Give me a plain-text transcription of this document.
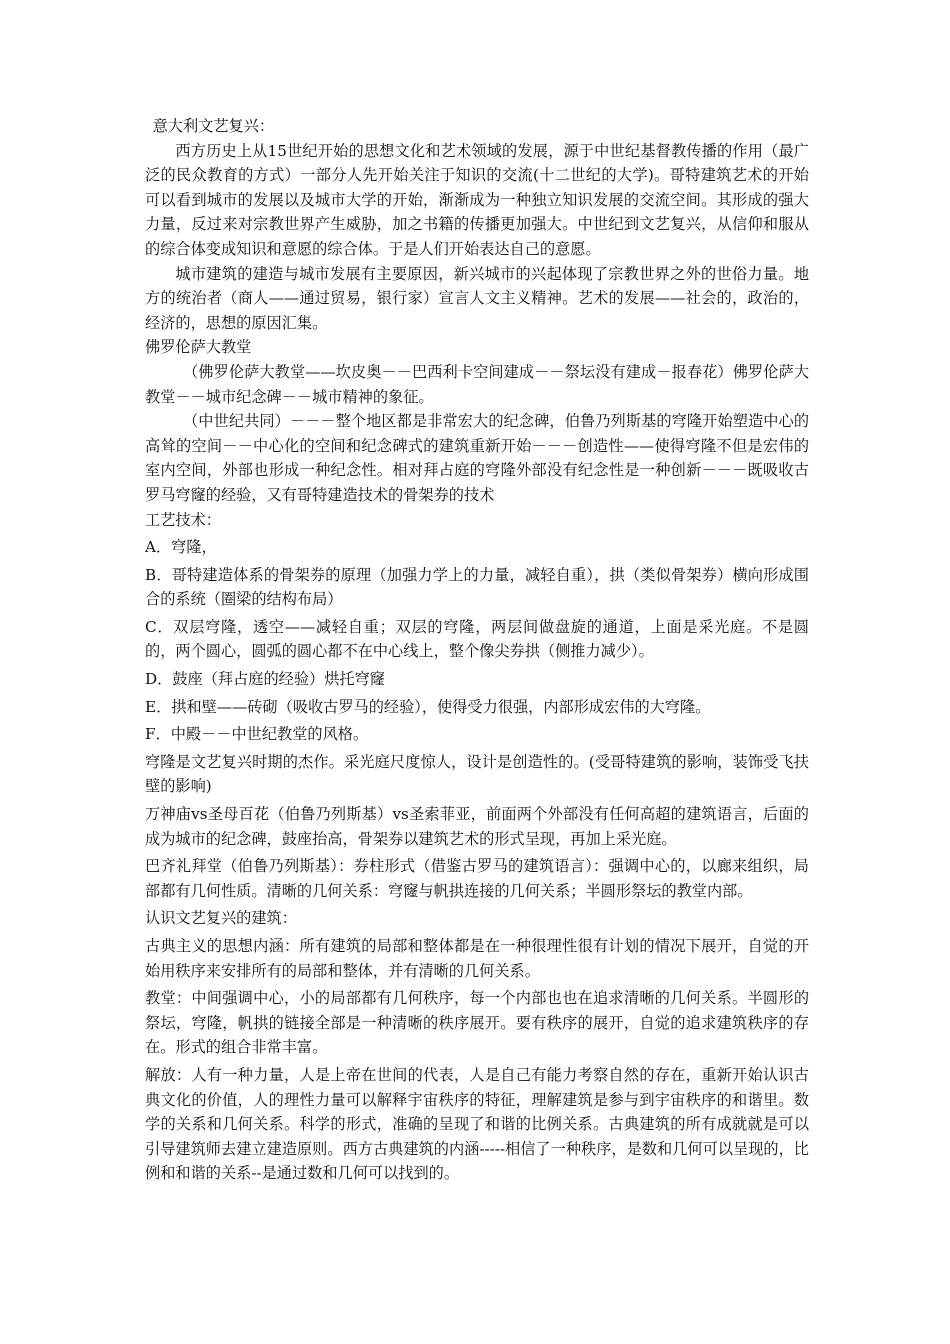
意大利文艺复兴：

西方历史上从15世纪开始的思想文化和艺术领域的发展，源于中世纪基督教传播的作用（最广泛的民众教育的方式）一部分人先开始关注于知识的交流(十二世纪的大学)。哥特建筑艺术的开始可以看到城市的发展以及城市大学的开始，渐渐成为一种独立知识发展的交流空间。其形成的强大力量，反过来对宗教世界产生威胁，加之书籍的传播更加强大。中世纪到文艺复兴，从信仰和服从的综合体变成知识和意愿的综合体。于是人们开始表达自己的意愿。

城市建筑的建造与城市发展有主要原因，新兴城市的兴起体现了宗教世界之外的世俗力量。地方的统治者（商人——通过贸易，银行家）宣言人文主义精神。艺术的发展——社会的，政治的，经济的，思想的原因汇集。

佛罗伦萨大教堂

（佛罗伦萨大教堂——坎皮奥－－巴西利卡空间建成－－祭坛没有建成－报春花）佛罗伦萨大教堂－－城市纪念碑－－城市精神的象征。

（中世纪共同）－－－整个地区都是非常宏大的纪念碑，伯鲁乃列斯基的穹隆开始塑造中心的高耸的空间－－中心化的空间和纪念碑式的建筑重新开始－－－创造性——使得穹隆不但是宏伟的室内空间，外部也形成一种纪念性。相对拜占庭的穹隆外部没有纪念性是一种创新－－－既吸收古罗马穹窿的经验，又有哥特建造技术的骨架券的技术

工艺技术：

A．穹隆，

B．哥特建造体系的骨架券的原理（加强力学上的力量，减轻自重），拱（类似骨架券）横向形成围合的系统（圈梁的结构布局）

C．双层穹隆，透空——减轻自重；双层的穹隆，两层间做盘旋的通道，上面是采光庭。不是圆的，两个圆心，圆弧的圆心都不在中心线上，整个像尖券拱（侧推力减少）。

D．鼓座（拜占庭的经验）烘托穹窿

E．拱和壁——砖砌（吸收古罗马的经验），使得受力很强，内部形成宏伟的大穹隆。

F．中殿－－中世纪教堂的风格。

穹隆是文艺复兴时期的杰作。采光庭尺度惊人，设计是创造性的。(受哥特建筑的影响，装饰受飞扶壁的影响)

万神庙vs圣母百花（伯鲁乃列斯基）vs圣索菲亚，前面两个外部没有任何高超的建筑语言，后面的成为城市的纪念碑，鼓座抬高，骨架券以建筑艺术的形式呈现，再加上采光庭。

巴齐礼拜堂（伯鲁乃列斯基）：券柱形式（借鉴古罗马的建筑语言）：强调中心的，以廊来组织，局部都有几何性质。清晰的几何关系：穹窿与帆拱连接的几何关系；半圆形祭坛的教堂内部。

认识文艺复兴的建筑：

古典主义的思想内涵：所有建筑的局部和整体都是在一种很理性很有计划的情况下展开，自觉的开始用秩序来安排所有的局部和整体，并有清晰的几何关系。

教堂：中间强调中心，小的局部都有几何秩序，每一个内部也也在追求清晰的几何关系。半圆形的祭坛，穹隆，帆拱的链接全部是一种清晰的秩序展开。要有秩序的展开，自觉的追求建筑秩序的存在。形式的组合非常丰富。

解放：人有一种力量，人是上帝在世间的代表，人是自己有能力考察自然的存在，重新开始认识古典文化的价值，人的理性力量可以解释宇宙秩序的特征，理解建筑是参与到宇宙秩序的和谐里。数学的关系和几何关系。科学的形式，准确的呈现了和谐的比例关系。古典建筑的所有成就就是可以引导建筑师去建立建造原则。西方古典建筑的内涵-----相信了一种秩序，是数和几何可以呈现的，比例和和谐的关系--是通过数和几何可以找到的。
